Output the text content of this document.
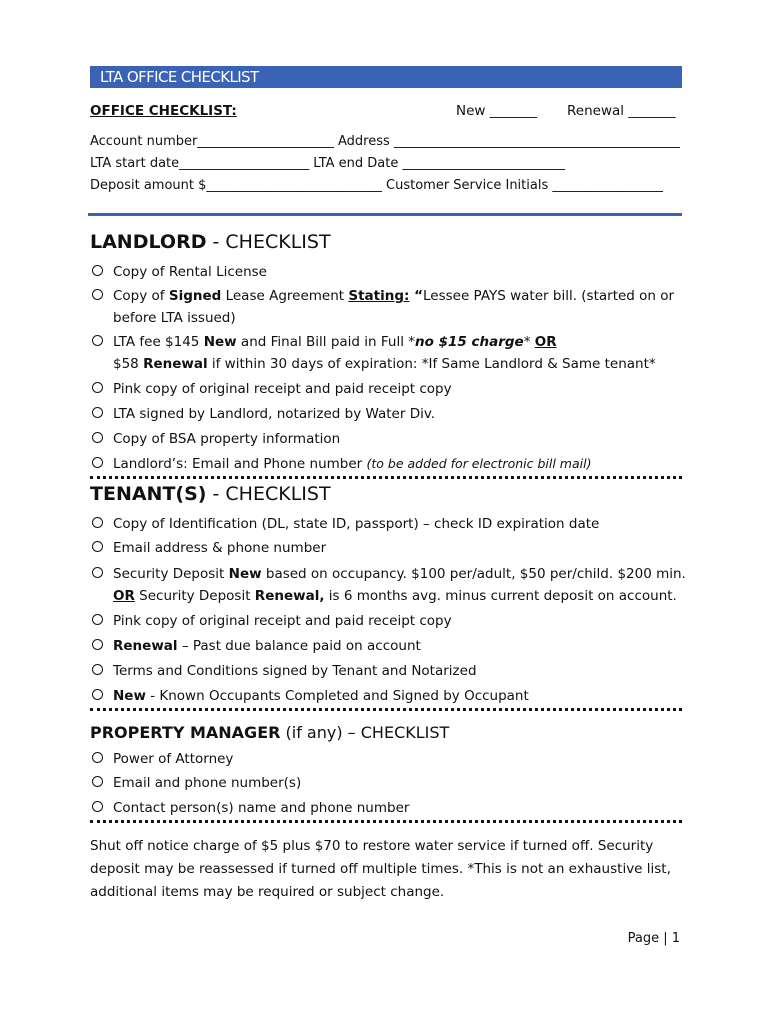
LTA OFFICE CHECKLIST
OFFICE CHECKLIST:	New _______ Renewal _______
Account number_____________________ Address ____________________________________________
LTA start date____________________ LTA end Date _________________________
Deposit amount $___________________________ Customer Service Initials _________________
LANDLORD - CHECKLIST
Copy of Rental License
Copy of Signed Lease Agreement Stating: “Lessee PAYS water bill. (started on or
before LTA issued)
LTA fee $145 New and Final Bill paid in Full *no $15 charge* OR
$58 Renewal if within 30 days of expiration: *If Same Landlord & Same tenant*
Pink copy of original receipt and paid receipt copy
LTA signed by Landlord, notarized by Water Div.
Copy of BSA property information
Landlord’s: Email and Phone number (to be added for electronic bill mail)
TENANT(S) - CHECKLIST
Copy of Identification (DL, state ID, passport) – check ID expiration date
Email address & phone number
Security Deposit New based on occupancy. $100 per/adult, $50 per/child. $200 min.
OR Security Deposit Renewal, is 6 months avg. minus current deposit on account.
Pink copy of original receipt and paid receipt copy
Renewal – Past due balance paid on account
Terms and Conditions signed by Tenant and Notarized
New - Known Occupants Completed and Signed by Occupant
PROPERTY MANAGER (if any) – CHECKLIST
Power of Attorney
Email and phone number(s)
Contact person(s) name and phone number
Shut off notice charge of $5 plus $70 to restore water service if turned off. Security deposit may be reassessed if turned off multiple times. *This is not an exhaustive list, additional items may be required or subject change.
Page | 1
